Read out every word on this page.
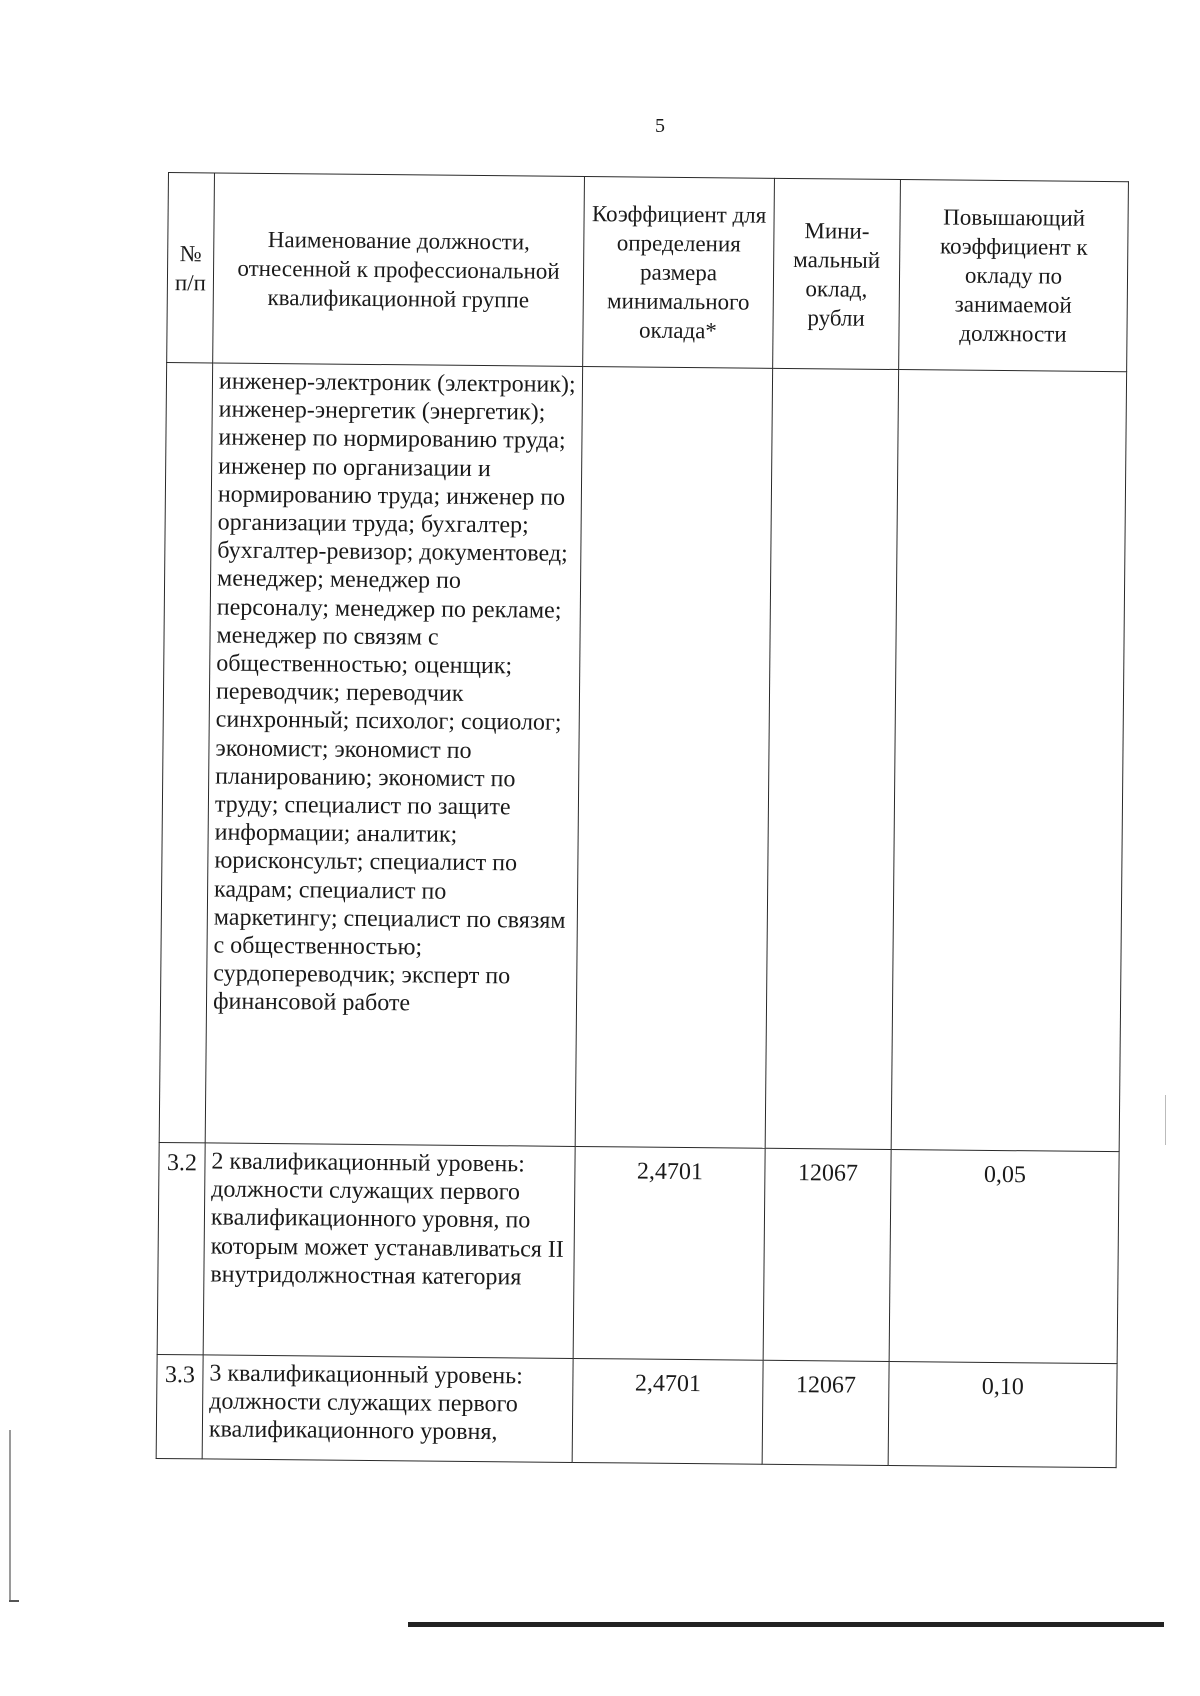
5
№ п/п	Наименование должности, отнесенной к профессиональной квалификационной группе	Коэффициент для определения размера минимального оклада*	Мини-мальный оклад, рубли	Повышающий коэффициент к окладу по занимаемой должности
	инженер-электроник (электроник); инженер-энергетик (энергетик); инженер по нормированию труда; инженер по организации и нормированию труда; инженер по организации труда; бухгалтер; бухгалтер-ревизор; документовед; менеджер; менеджер по персоналу; менеджер по рекламе; менеджер по связям с общественностью; оценщик; переводчик; переводчик синхронный; психолог; социолог; экономист; экономист по планированию; экономист по труду; специалист по защите информации; аналитик; юрисконсульт; специалист по кадрам; специалист по маркетингу; специалист по связям с общественностью; сурдопереводчик; эксперт по финансовой работе			
3.2	2 квалификационный уровень: должности служащих первого квалификационного уровня, по которым может устанавливаться II внутридолжностная категория	2,4701	12067	0,05
3.3	3 квалификационный уровень: должности служащих первого квалификационного уровня,	2,4701	12067	0,10
